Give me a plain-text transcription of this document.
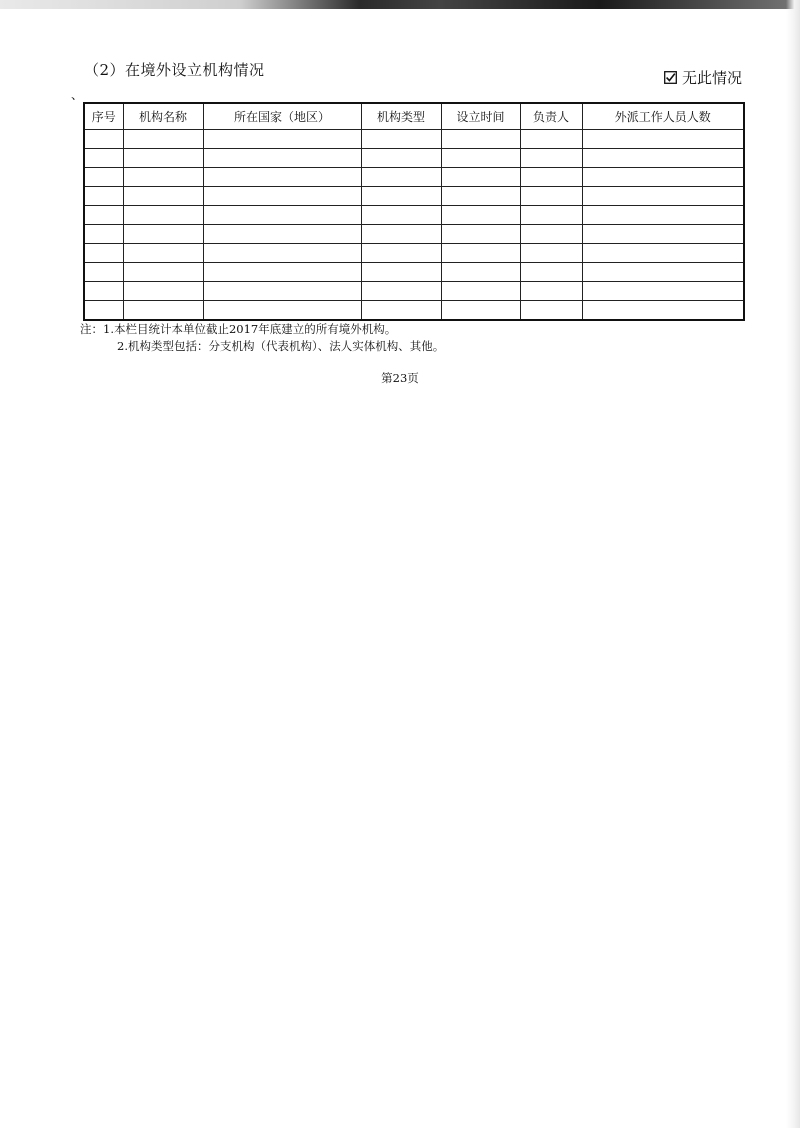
（2）在境外设立机构情况
、
无此情况
序号	机构名称	所在国家（地区）	机构类型	设立时间	负责人	外派工作人员人数

注：1.本栏目统计本单位截止2017年底建立的所有境外机构。
2.机构类型包括：分支机构（代表机构）、法人实体机构、其他。
第23页
